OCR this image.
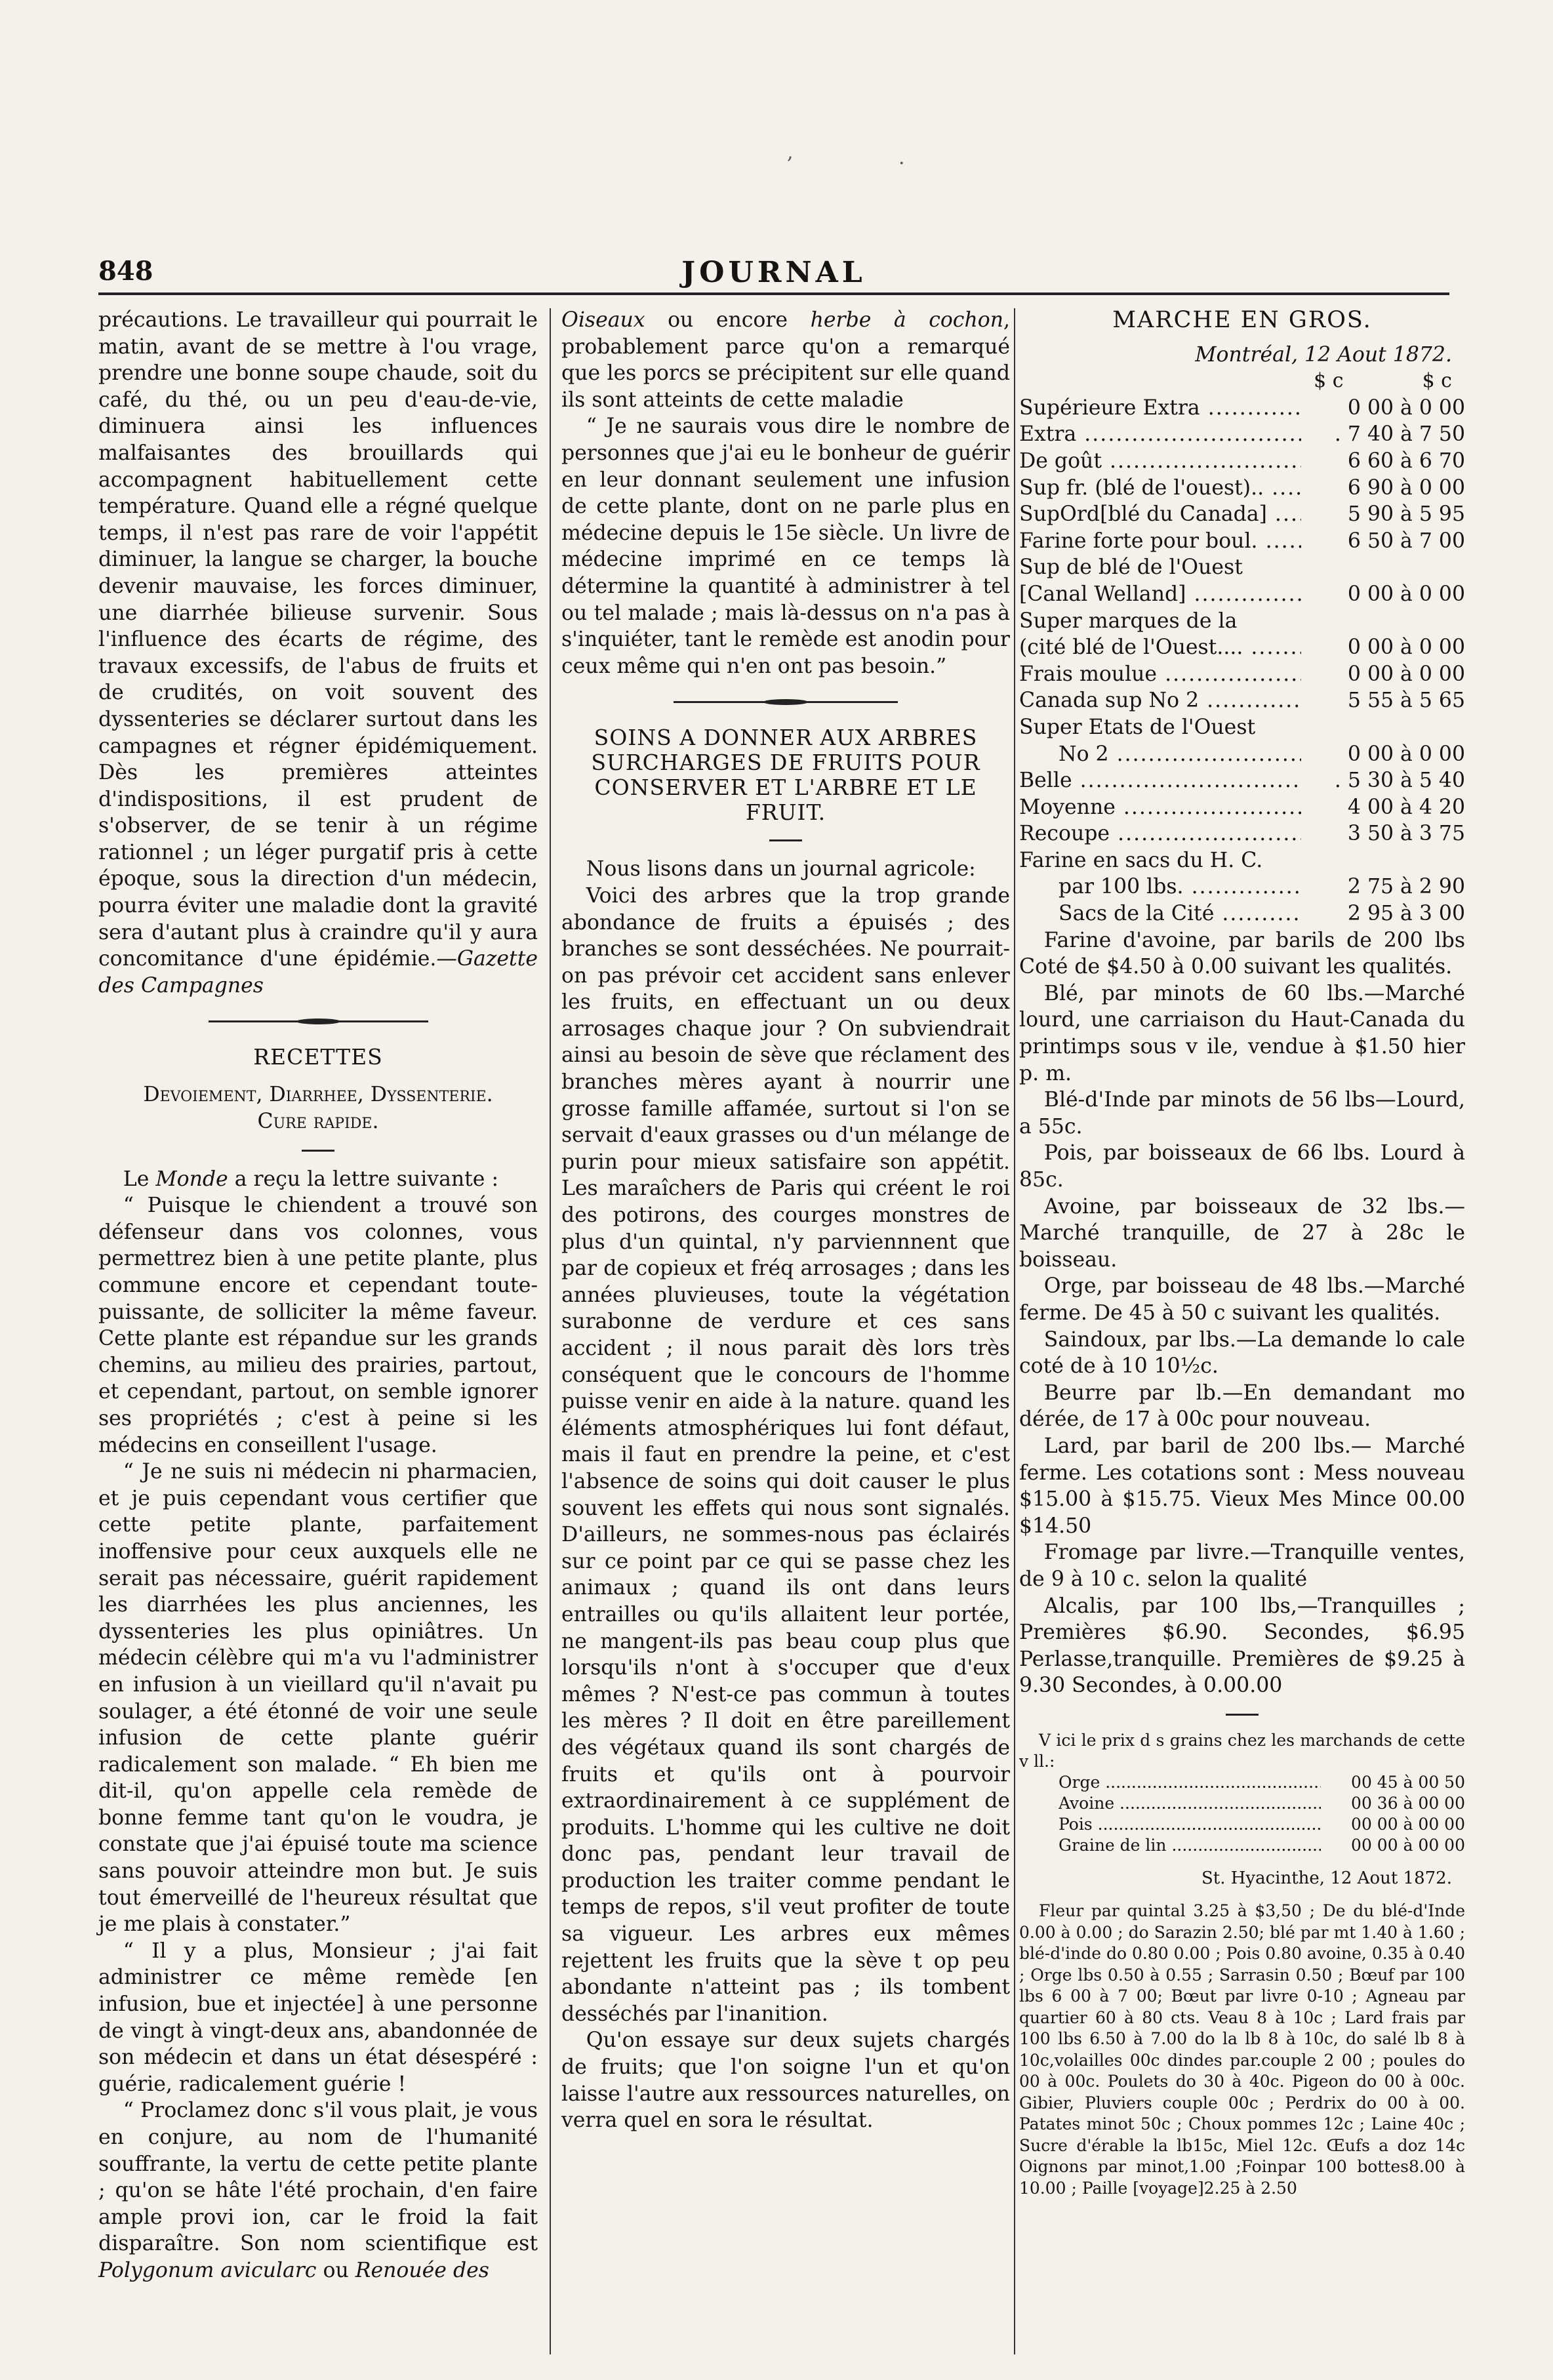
,	·
848	JOURNAL

précautions. Le travailleur qui pourrait le matin, avant de se mettre à l'ou vrage, prendre une bonne soupe chaude, soit du café, du thé, ou un peu d'eau-de-vie, diminuera ainsi les influences malfaisantes des brouillards qui accompagnent habituellement cette température. Quand elle a régné quelque temps, il n'est pas rare de voir l'appétit diminuer, la langue se charger, la bouche devenir mauvaise, les forces diminuer, une diarrhée bilieuse survenir. Sous l'influence des écarts de régime, des travaux excessifs, de l'abus de fruits et de crudités, on voit souvent des dyssenteries se déclarer surtout dans les campagnes et régner épidémiquement. Dès les premières atteintes d'indispositions, il est prudent de s'observer, de se tenir à un régime rationnel ; un léger purgatif pris à cette époque, sous la direction d'un médecin, pourra éviter une maladie dont la gravité sera d'autant plus à craindre qu'il y aura concomitance d'une épidémie.—Gazette des Campagnes

RECETTES
Devoiement, Diarrhee, Dyssenterie.
Cure rapide.

Le Monde a reçu la lettre suivante :

“ Puisque le chiendent a trouvé son défenseur dans vos colonnes, vous permettrez bien à une petite plante, plus commune encore et cependant toute-puissante, de solliciter la même faveur. Cette plante est répandue sur les grands chemins, au milieu des prairies, partout, et cependant, partout, on semble ignorer ses propriétés ; c'est à peine si les médecins en conseillent l'usage.

“ Je ne suis ni médecin ni pharmacien, et je puis cependant vous certifier que cette petite plante, parfaitement inoffensive pour ceux auxquels elle ne serait pas nécessaire, guérit rapidement les diarrhées les plus anciennes, les dyssenteries les plus opiniâtres. Un médecin célèbre qui m'a vu l'administrer en infusion à un vieillard qu'il n'avait pu soulager, a été étonné de voir une seule infusion de cette plante guérir radicalement son malade. “ Eh bien me dit-il, qu'on appelle cela remède de bonne femme tant qu'on le voudra, je constate que j'ai épuisé toute ma science sans pouvoir atteindre mon but. Je suis tout émerveillé de l'heureux résultat que je me plais à constater.”

“ Il y a plus, Monsieur ; j'ai fait administrer ce même remède [en infusion, bue et injectée] à une personne de vingt à vingt-deux ans, abandonnée de son médecin et dans un état désespéré : guérie, radicalement guérie !

“ Proclamez donc s'il vous plait, je vous en conjure, au nom de l'humanité souffrante, la vertu de cette petite plante ; qu'on se hâte l'été prochain, d'en faire ample provi ion, car le froid la fait disparaître. Son nom scientifique est Polygonum avicularc ou Renouée des

Oiseaux ou encore herbe à cochon, probablement parce qu'on a remarqué que les porcs se précipitent sur elle quand ils sont atteints de cette maladie

“ Je ne saurais vous dire le nombre de personnes que j'ai eu le bonheur de guérir en leur donnant seulement une infusion de cette plante, dont on ne parle plus en médecine depuis le 15e siècle. Un livre de médecine imprimé en ce temps là détermine la quantité à administrer à tel ou tel malade ; mais là-dessus on n'a pas à s'inquiéter, tant le remède est anodin pour ceux même qui n'en ont pas besoin.”

SOINS A DONNER AUX ARBRES SURCHARGES DE FRUITS POUR CONSERVER ET L'ARBRE ET LE FRUIT.

Nous lisons dans un journal agricole:

Voici des arbres que la trop grande abondance de fruits a épuisés ; des branches se sont desséchées. Ne pourrait-on pas prévoir cet accident sans enlever les fruits, en effectuant un ou deux arrosages chaque jour ? On subviendrait ainsi au besoin de sève que réclament des branches mères ayant à nourrir une grosse famille affamée, surtout si l'on se servait d'eaux grasses ou d'un mélange de purin pour mieux satisfaire son appétit. Les maraîchers de Paris qui créent le roi des potirons, des courges monstres de plus d'un quintal, n'y parviennnent que par de copieux et fréq arrosages ; dans les années pluvieuses, toute la végétation surabonne de verdure et ces sans accident ; il nous parait dès lors très conséquent que le concours de l'homme puisse venir en aide à la nature. quand les éléments atmosphériques lui font défaut, mais il faut en prendre la peine, et c'est l'absence de soins qui doit causer le plus souvent les effets qui nous sont signalés. D'ailleurs, ne sommes-nous pas éclairés sur ce point par ce qui se passe chez les animaux ; quand ils ont dans leurs entrailles ou qu'ils allaitent leur portée, ne mangent-ils pas beau coup plus que lorsqu'ils n'ont à s'occuper que d'eux mêmes ? N'est-ce pas commun à toutes les mères ? Il doit en être pareillement des végétaux quand ils sont chargés de fruits et qu'ils ont à pourvoir extraordinairement à ce supplément de produits. L'homme qui les cultive ne doit donc pas, pendant leur travail de production les traiter comme pendant le temps de repos, s'il veut profiter de toute sa vigueur. Les arbres eux mêmes rejettent les fruits que la sève t op peu abondante n'atteint pas ; ils tombent desséchés par l'inanition.

Qu'on essaye sur deux sujets chargés de fruits; que l'on soigne l'un et qu'on laisse l'autre aux ressources naturelles, on verra quel en sora le résultat.

MARCHE EN GROS.
Montréal, 12 Aout 1872.
$ c	$ c
Supérieure Extra .....	0 00 à 0 00
Extra .....	. 7 40 à 7 50
De goût .....	6 60 à 6 70
Sup fr. (blé de l'ouest).. .....	6 90 à 0 00
SupOrd[blé du Canada] .....	5 90 à 5 95
Farine forte pour boul. .....	6 50 à 7 00
Sup de blé de l'Ouest
[Canal Welland] .....	0 00 à 0 00
Super marques de la
(cité blé de l'Ouest.... .....	0 00 à 0 00
Frais moulue .....	0 00 à 0 00
Canada sup No 2 .....	5 55 à 5 65
Super Etats de l'Ouest
No 2 .....	0 00 à 0 00
Belle .....	. 5 30 à 5 40
Moyenne .....	4 00 à 4 20
Recoupe .....	3 50 à 3 75
Farine en sacs du H. C.
par 100 lbs. .....	2 75 à 2 90
Sacs de la Cité .....	2 95 à 3 00

Farine d'avoine, par barils de 200 lbs Coté de $4.50 à 0.00 suivant les qualités.

Blé, par minots de 60 lbs.—Marché lourd, une carriaison du Haut-Canada du printimps sous v ile, vendue à $1.50 hier p. m.

Blé-d'Inde par minots de 56 lbs—Lourd, a 55c.

Pois, par boisseaux de 66 lbs. Lourd à 85c.

Avoine, par boisseaux de 32 lbs.—Marché tranquille, de 27 à 28c le boisseau.

Orge, par boisseau de 48 lbs.—Marché ferme. De 45 à 50 c suivant les qualités.

Saindoux, par lbs.—La demande lo cale coté de à 10 10½c.

Beurre par lb.—En demandant mo dérée, de 17 à 00c pour nouveau.

Lard, par baril de 200 lbs.— Marché ferme. Les cotations sont : Mess nouveau $15.00 à $15.75. Vieux Mes Mince 00.00 $14.50

Fromage par livre.—Tranquille ventes, de 9 à 10 c. selon la qualité

Alcalis, par 100 lbs,—Tranquilles ; Premières $6.90. Secondes, $6.95 Perlasse,tranquille. Premières de $9.25 à 9.30 Secondes, à 0.00.00

V ici le prix d s grains chez les marchands de cette v ll.:

Orge .....	00 45 à 00 50
Avoine .....	00 36 à 00 00
Pois .....	00 00 à 00 00
Graine de lin .....	00 00 à 00 00
St. Hyacinthe, 12 Aout 1872.

Fleur par quintal 3.25 à $3,50 ; De du blé-d'Inde 0.00 à 0.00 ; do Sarazin 2.50; blé par mt 1.40 à 1.60 ; blé-d'inde do 0.80 0.00 ; Pois 0.80 avoine, 0.35 à 0.40 ; Orge lbs 0.50 à 0.55 ; Sarrasin 0.50 ; Bœuf par 100 lbs 6 00 à 7 00; Bœut par livre 0-10 ; Agneau par quartier 60 à 80 cts. Veau 8 à 10c ; Lard frais par 100 lbs 6.50 à 7.00 do la lb 8 à 10c, do salé lb 8 à 10c,volailles 00c dindes par.couple 2 00 ; poules do 00 à 00c. Poulets do 30 à 40c. Pigeon do 00 à 00c. Gibier, Pluviers couple 00c ; Perdrix do 00 à 00. Patates minot 50c ; Choux pommes 12c ; Laine 40c ; Sucre d'érable la lb15c, Miel 12c. Œufs a doz 14c Oignons par minot,1.00 ;Foinpar 100 bottes8.00 à 10.00 ; Paille [voyage]2.25 à 2.50
